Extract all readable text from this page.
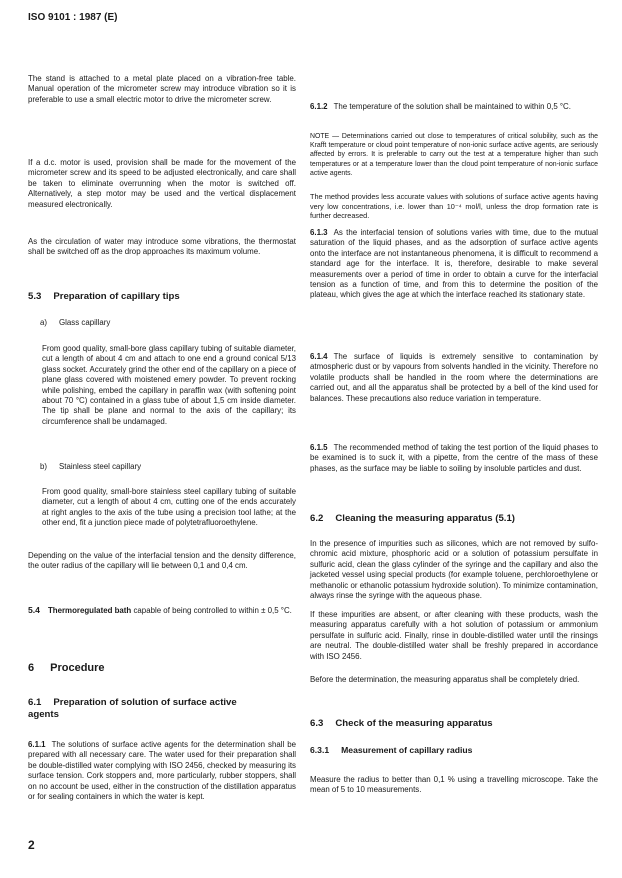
ISO 9101 : 1987 (E)

The stand is attached to a metal plate placed on a vibration-free table. Manual operation of the micrometer screw may introduce vibration so it is preferable to use a small electric motor to drive the micrometer screw.

If a d.c. motor is used, provision shall be made for the movement of the micrometer screw and its speed to be adjusted electronically, and care shall be taken to eliminate overrunning when the motor is switched off. Alternatively, a step motor may be used and the vertical displacement measured electronically.

As the circulation of water may introduce some vibrations, the thermostat shall be switched off as the drop approaches its maximum volume.

5.3 Preparation of capillary tips
a) Glass capillary

From good quality, small-bore glass capillary tubing of suitable diameter, cut a length of about 4 cm and attach to one end a ground conical 5/13 glass socket. Accurately grind the other end of the capillary on a piece of plane glass covered with moistened emery powder. To prevent rocking while polishing, embed the capillary in paraffin wax (with softening point about 70 °C) contained in a glass tube of about 1,5 cm inside diameter. The tip shall be plane and normal to the axis of the capillary; its circumference shall be undamaged.

b) Stainless steel capillary

From good quality, small-bore stainless steel capillary tubing of suitable diameter, cut a length of about 4 cm, cutting one of the ends accurately at right angles to the axis of the tube using a precision tool lathe; at the other end, fit a junction piece made of polytetrafluoroethylene.

Depending on the value of the interfacial tension and the density difference, the outer radius of the capillary will lie between 0,1 and 0,4 cm.

5.4 Thermoregulated bath capable of being controlled to within ± 0,5 °C.

6 Procedure
6.1 Preparation of solution of surface active agents

6.1.1 The solutions of surface active agents for the determination shall be prepared with all necessary care. The water used for their preparation shall be double-distilled water complying with ISO 2456, checked by measuring its surface tension. Cork stoppers and, more particularly, rubber stoppers, shall on no account be used, either in the construction of the distillation apparatus or for sealing containers in which the water is kept.

2

6.1.2 The temperature of the solution shall be maintained to within 0,5 °C.

NOTE — Determinations carried out close to temperatures of critical solubility, such as the Krafft temperature or cloud point temperature of non-ionic surface active agents, are seriously affected by errors. It is preferable to carry out the test at a temperature higher than such temperatures or at a temperature lower than the cloud point temperature of non-ionic surface active agents.

The method provides less accurate values with solutions of surface active agents having very low concentrations, i.e. lower than 10⁻⁴ mol/l, unless the drop formation rate is further decreased.

6.1.3 As the interfacial tension of solutions varies with time, due to the mutual saturation of the liquid phases, and as the adsorption of surface active agents onto the interface are not instantaneous phenomena, it is difficult to recommend a standard age for the interface. It is, therefore, desirable to make several measurements over a period of time in order to obtain a curve for the interfacial tension as a function of time, and from this to determine the position of the plateau, which gives the age at which the interface reached its stationary state.

6.1.4 The surface of liquids is extremely sensitive to contamination by atmospheric dust or by vapours from solvents handled in the vicinity. Therefore no volatile products shall be handled in the room where the determinations are carried out, and all the apparatus shall be protected by a bell of the kind used for balances. These precautions also reduce variation in temperature.

6.1.5 The recommended method of taking the test portion of the liquid phases to be examined is to suck it, with a pipette, from the centre of the mass of these phases, as the surface may be liable to soiling by insoluble particles and dust.

6.2 Cleaning the measuring apparatus (5.1)

In the presence of impurities such as silicones, which are not removed by sulfo-chromic acid mixture, phosphoric acid or a solution of potassium persulfate in sulfuric acid, clean the glass cylinder of the syringe and the capillary and also the jacketed vessel using special products (for example toluene, perchloroethylene or methanolic or ethanolic potassium hydroxide solution). To minimize contamination, always rinse the syringe with the aqueous phase.

If these impurities are absent, or after cleaning with these products, wash the measuring apparatus carefully with a hot solution of potassium or ammonium persulfate in sulfuric acid. Finally, rinse in double-distilled water until the rinsings are neutral. The double-distilled water shall be freshly prepared in accordance with ISO 2456.

Before the determination, the measuring apparatus shall be completely dried.

6.3 Check of the measuring apparatus
6.3.1 Measurement of capillary radius

Measure the radius to better than 0,1 % using a travelling microscope. Take the mean of 5 to 10 measurements.
